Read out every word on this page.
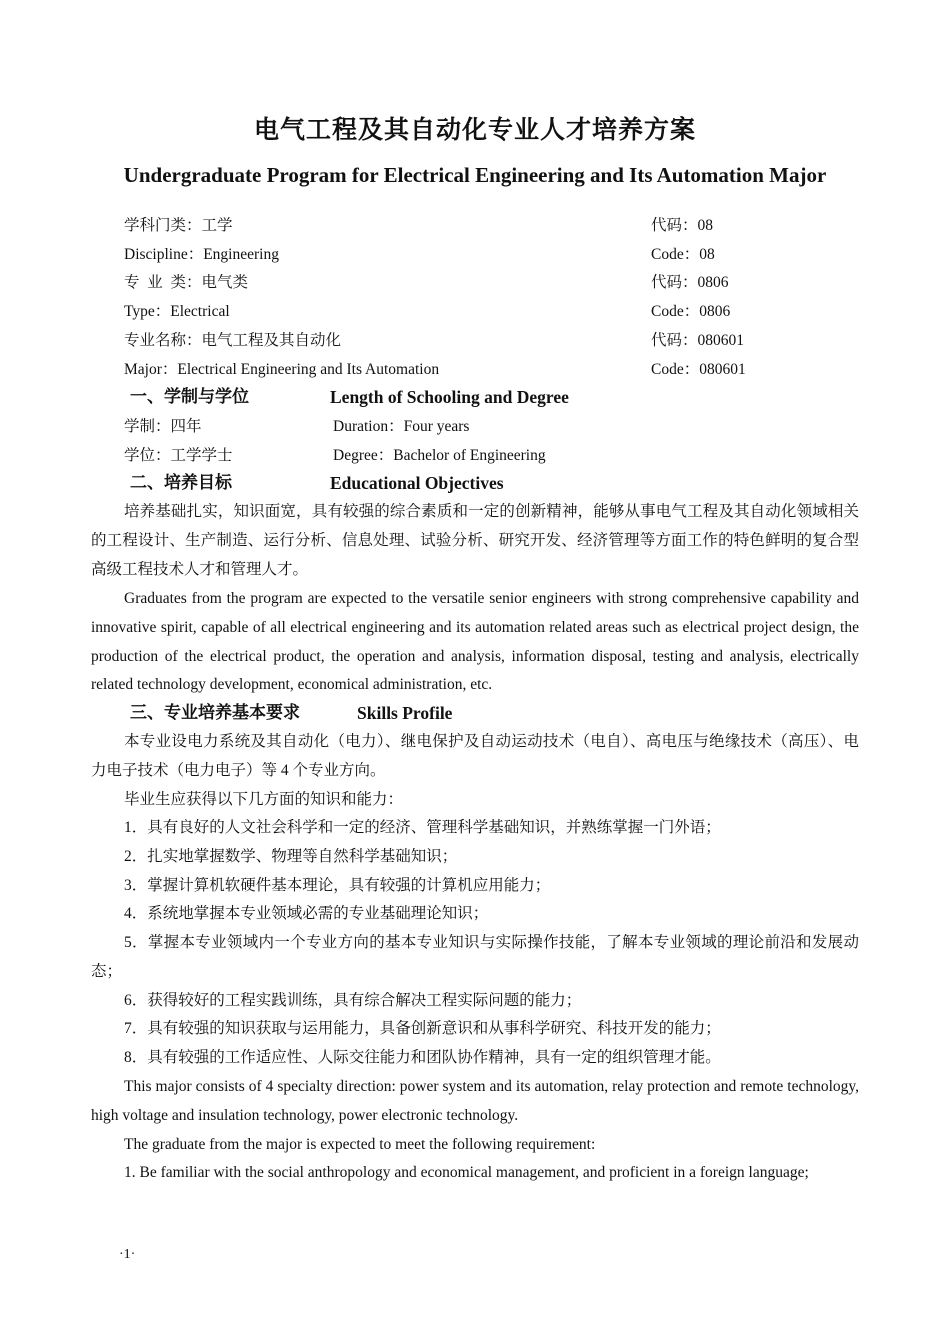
电气工程及其自动化专业人才培养方案
Undergraduate Program for Electrical Engineering and Its Automation Major
学科门类：工学	代码：08
Discipline：Engineering	Code：08
专  业  类：电气类	代码：0806
Type：Electrical	Code：0806
专业名称：电气工程及其自动化	代码：080601
Major：Electrical Engineering and Its Automation	Code：080601
一、学制与学位	Length of Schooling and Degree
学制：四年	Duration：Four years
学位：工学学士	Degree：Bachelor of Engineering
二、培养目标	Educational Objectives
培养基础扎实，知识面宽，具有较强的综合素质和一定的创新精神，能够从事电气工程及其自动化领域相关的工程设计、生产制造、运行分析、信息处理、试验分析、研究开发、经济管理等方面工作的特色鲜明的复合型高级工程技术人才和管理人才。
Graduates from the program are expected to the versatile senior engineers with strong comprehensive capability and innovative spirit, capable of all electrical engineering and its automation related areas such as electrical project design, the production of the electrical product, the operation and analysis, information disposal, testing and analysis, electrically related technology development, economical administration, etc.
三、专业培养基本要求	Skills Profile
本专业设电力系统及其自动化（电力）、继电保护及自动运动技术（电自）、高电压与绝缘技术（高压）、电力电子技术（电力电子）等 4 个专业方向。
毕业生应获得以下几方面的知识和能力：
1．具有良好的人文社会科学和一定的经济、管理科学基础知识，并熟练掌握一门外语；
2．扎实地掌握数学、物理等自然科学基础知识；
3．掌握计算机软硬件基本理论，具有较强的计算机应用能力；
4．系统地掌握本专业领域必需的专业基础理论知识；
5．掌握本专业领域内一个专业方向的基本专业知识与实际操作技能，了解本专业领域的理论前沿和发展动态；
6．获得较好的工程实践训练，具有综合解决工程实际问题的能力；
7．具有较强的知识获取与运用能力，具备创新意识和从事科学研究、科技开发的能力；
8．具有较强的工作适应性、人际交往能力和团队协作精神，具有一定的组织管理才能。
This major consists of 4 specialty direction: power system and its automation, relay protection and remote technology, high voltage and insulation technology, power electronic technology.
The graduate from the major is expected to meet the following requirement:
1. Be familiar with the social anthropology and economical management, and proficient in a foreign language;
·1·
